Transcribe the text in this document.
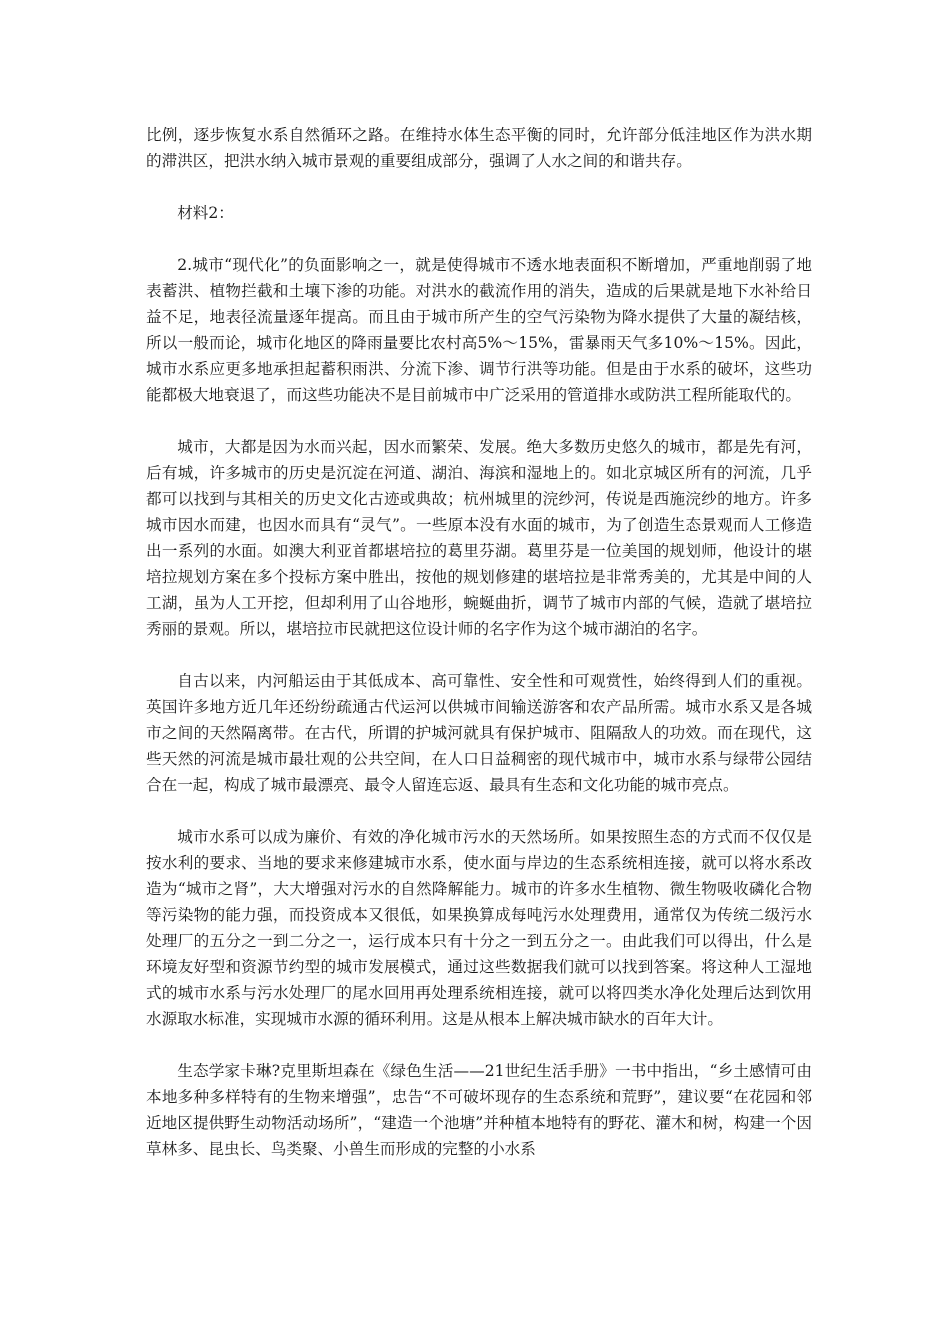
比例，逐步恢复水系自然循环之路。在维持水体生态平衡的同时，允许部分低洼地区作为洪水期的滞洪区，把洪水纳入城市景观的重要组成部分，强调了人水之间的和谐共存。

材料2：

2.城市“现代化”的负面影响之一，就是使得城市不透水地表面积不断增加，严重地削弱了地表蓄洪、植物拦截和土壤下渗的功能。对洪水的截流作用的消失，造成的后果就是地下水补给日益不足，地表径流量逐年提高。而且由于城市所产生的空气污染物为降水提供了大量的凝结核，所以一般而论，城市化地区的降雨量要比农村高5%～15%，雷暴雨天气多10%～15%。因此，城市水系应更多地承担起蓄积雨洪、分流下渗、调节行洪等功能。但是由于水系的破坏，这些功能都极大地衰退了，而这些功能决不是目前城市中广泛采用的管道排水或防洪工程所能取代的。

城市，大都是因为水而兴起，因水而繁荣、发展。绝大多数历史悠久的城市，都是先有河，后有城，许多城市的历史是沉淀在河道、湖泊、海滨和湿地上的。如北京城区所有的河流，几乎都可以找到与其相关的历史文化古迹或典故；杭州城里的浣纱河，传说是西施浣纱的地方。许多城市因水而建，也因水而具有“灵气”。一些原本没有水面的城市，为了创造生态景观而人工修造出一系列的水面。如澳大利亚首都堪培拉的葛里芬湖。葛里芬是一位美国的规划师，他设计的堪培拉规划方案在多个投标方案中胜出，按他的规划修建的堪培拉是非常秀美的，尤其是中间的人工湖，虽为人工开挖，但却利用了山谷地形，蜿蜒曲折，调节了城市内部的气候，造就了堪培拉秀丽的景观。所以，堪培拉市民就把这位设计师的名字作为这个城市湖泊的名字。

自古以来，内河船运由于其低成本、高可靠性、安全性和可观赏性，始终得到人们的重视。英国许多地方近几年还纷纷疏通古代运河以供城市间输送游客和农产品所需。城市水系又是各城市之间的天然隔离带。在古代，所谓的护城河就具有保护城市、阻隔敌人的功效。而在现代，这些天然的河流是城市最壮观的公共空间，在人口日益稠密的现代城市中，城市水系与绿带公园结合在一起，构成了城市最漂亮、最令人留连忘返、最具有生态和文化功能的城市亮点。

城市水系可以成为廉价、有效的净化城市污水的天然场所。如果按照生态的方式而不仅仅是按水利的要求、当地的要求来修建城市水系，使水面与岸边的生态系统相连接，就可以将水系改造为“城市之肾”，大大增强对污水的自然降解能力。城市的许多水生植物、微生物吸收磷化合物等污染物的能力强，而投资成本又很低，如果换算成每吨污水处理费用，通常仅为传统二级污水处理厂的五分之一到二分之一，运行成本只有十分之一到五分之一。由此我们可以得出，什么是环境友好型和资源节约型的城市发展模式，通过这些数据我们就可以找到答案。将这种人工湿地式的城市水系与污水处理厂的尾水回用再处理系统相连接，就可以将四类水净化处理后达到饮用水源取水标准，实现城市水源的循环利用。这是从根本上解决城市缺水的百年大计。

生态学家卡琳?克里斯坦森在《绿色生活——21世纪生活手册》一书中指出，“乡土感情可由本地多种多样特有的生物来增强”，忠告“不可破坏现存的生态系统和荒野”，建议要“在花园和邻近地区提供野生动物活动场所”，“建造一个池塘”并种植本地特有的野花、灌木和树，构建一个因草林多、昆虫长、鸟类聚、小兽生而形成的完整的小水系
